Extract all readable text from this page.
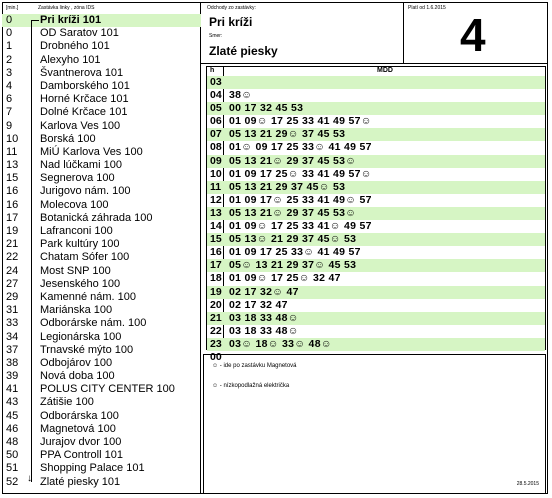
[min.]	Zastávka linky , zóna IDS
0	Pri kríži 101
0	OD Saratov 101
1	Drobného 101
2	Alexyho 101
3	Švantnerova 101
4	Damborského 101
6	Horné Krčace 101
7	Dolné Krčace 101
9	Karlova Ves 100
10 Borská 100
11 MiÚ Karlova Ves 100
13 Nad lúčkami 100
15 Segnerova 100
16 Jurigovo nám. 100
16 Molecova 100
17 Botanická záhrada 100
19 Lafranconi 100
21 Park kultúry 100
22 Chatam Sófer 100
24 Most SNP 100
27 Jesenského 100
29 Kamenné nám. 100
31 Mariánska 100
33 Odborárske nám. 100
34 Legionárska 100
37 Trnavské mýto 100
38 Odbojárov 100
39 Nová doba 100
41 POLUS CITY CENTER 100
43 Zátišie 100
45 Odborárska 100
46 Magnetová 100
48 Jurajov dvor 100
50 PPA Controll 101
51 Shopping Palace 101
52 Zlaté piesky 101
↓
Odchody zo zastávky:
Pri kríži
Smer:
Zlaté piesky
Platí od 1.6.2015
4
h	MDD
03
04 38☺
05 00 17 32 45 53
06 01 09☺ 17 25 33 41 49 57☺
07 05 13 21 29☺ 37 45 53
08 01☺ 09 17 25 33☺ 41 49 57
09 05 13 21☺ 29 37 45 53☺
10 01 09 17 25☺ 33 41 49 57☺
11 05 13 21 29 37 45☺ 53
12 01 09 17☺ 25 33 41 49☺ 57
13 05 13 21☺ 29 37 45 53☺
14 01 09☺ 17 25 33 41☺ 49 57
15 05 13☺ 21 29 37 45☺ 53
16 01 09 17 25 33☺ 41 49 57
17 05☺ 13 21 29 37☺ 45 53
18 01 09☺ 17 25☺ 32 47
19 02 17 32☺ 47
20 02 17 32 47
21 03 18 33 48☺
22 03 18 33 48☺
23 03☺ 18☺ 33☺ 48☺
00
☺ - ide po zastávku Magnetová
☺ - nízkopodlažná električka
28.5.2015
